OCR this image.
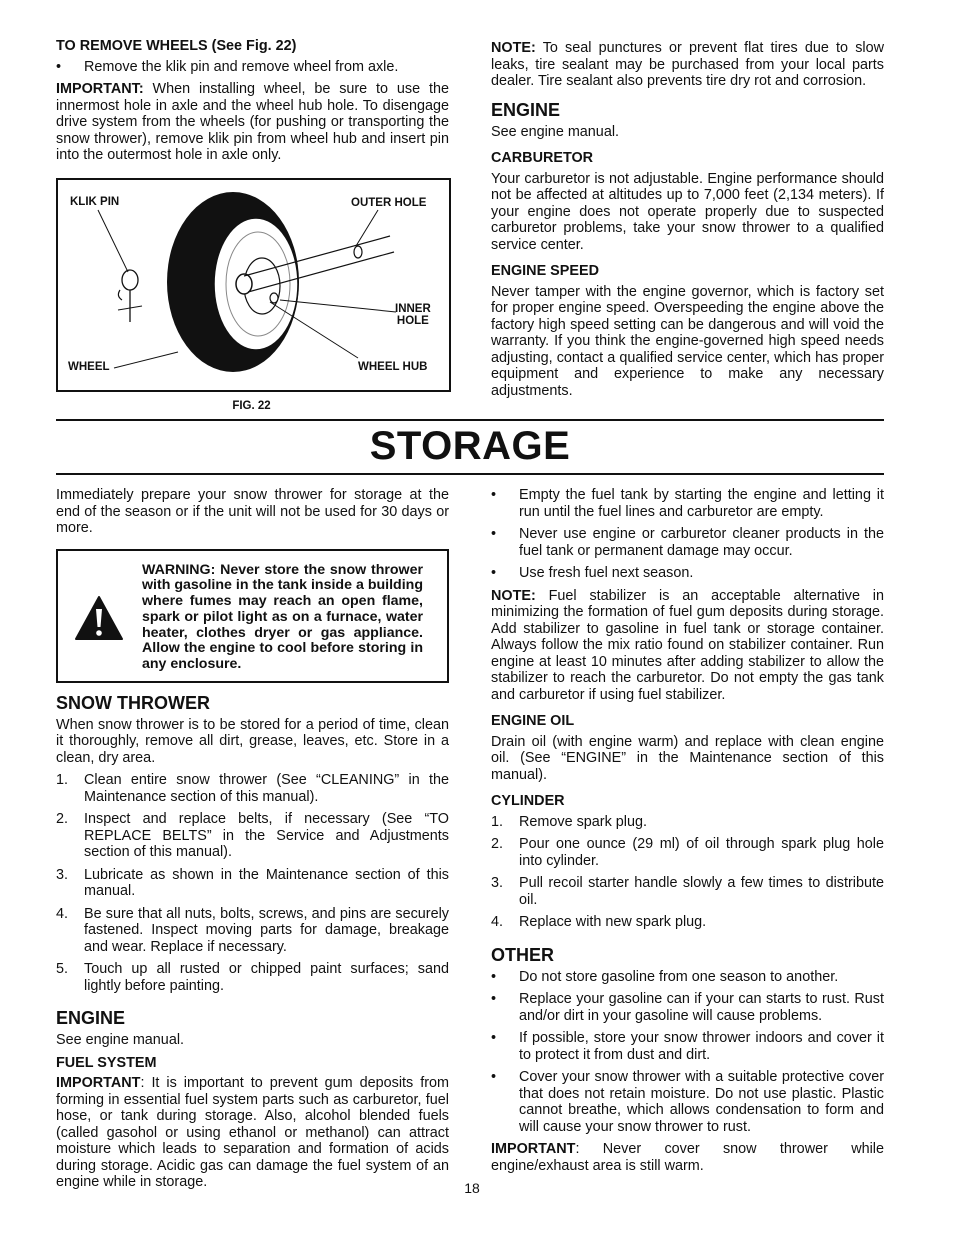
TO REMOVE WHEELS (See Fig. 22)
•	Remove the klik pin and remove wheel from axle.

IMPORTANT: When installing wheel, be sure to use the innermost hole in axle and the wheel hub hole. To disengage drive system from the wheels (for pushing or transporting the snow thrower), remove klik pin from wheel hub and insert pin into the outermost hole in axle only.

KLIK PIN	OUTER HOLE
INNER
HOLE
WHEEL	WHEEL HUB
FIG. 22

NOTE: To seal punctures or prevent flat tires due to slow leaks, tire sealant may be purchased from your local parts dealer. Tire sealant also prevents tire dry rot and corrosion.

ENGINE

See engine manual.

CARBURETOR

Your carburetor is not adjustable. Engine performance should not be affected at altitudes up to 7,000 feet (2,134 meters). If your engine does not operate properly due to suspected carburetor problems, take your snow thrower to a qualified service center.

ENGINE SPEED

Never tamper with the engine governor, which is factory set for proper engine speed. Overspeeding the engine above the factory high speed setting can be dangerous and will void the warranty. If you think the engine-governed high speed needs adjusting, contact a qualified service center, which has proper equipment and experience to make any necessary adjustments.

STORAGE

Immediately prepare your snow thrower for storage at the end of the season or if the unit will not be used for 30 days or more.

WARNING: Never store the snow thrower with gasoline in the tank inside a building where fumes may reach an open flame, spark or pilot light as on a furnace, water heater, clothes dryer or gas appliance. Allow the engine to cool before storing in any enclosure.
SNOW THROWER

When snow thrower is to be stored for a period of time, clean it thoroughly, remove all dirt, grease, leaves, etc. Store in a clean, dry area.

1.	Clean entire snow thrower (See “CLEANING” in the Maintenance section of this manual).
2.	Inspect and replace belts, if necessary (See “TO REPLACE BELTS” in the Service and Adjustments section of this manual).
3.	Lubricate as shown in the Maintenance section of this manual.
4.	Be sure that all nuts, bolts, screws, and pins are securely fastened. Inspect moving parts for damage, breakage and wear. Replace if necessary.
5.	Touch up all rusted or chipped paint surfaces; sand lightly before painting.
ENGINE

See engine manual.

FUEL SYSTEM

IMPORTANT: It is important to prevent gum deposits from forming in essential fuel system parts such as carburetor, fuel hose, or tank during storage. Also, alcohol blended fuels (called gasohol or using ethanol or methanol) can attract moisture which leads to separation and formation of acids during storage. Acidic gas can damage the fuel system of an engine while in storage.

•	Empty the fuel tank by starting the engine and letting it run until the fuel lines and carburetor are empty.
•	Never use engine or carburetor cleaner products in the fuel tank or permanent damage may occur.
•	Use fresh fuel next season.

NOTE: Fuel stabilizer is an acceptable alternative in minimizing the formation of fuel gum deposits during storage. Add stabilizer to gasoline in fuel tank or storage container. Always follow the mix ratio found on stabilizer container. Run engine at least 10 minutes after adding stabilizer to allow the stabilizer to reach the carburetor. Do not empty the gas tank and carburetor if using fuel stabilizer.

ENGINE OIL

Drain oil (with engine warm) and replace with clean engine oil. (See “ENGINE” in the Maintenance section of this manual).

CYLINDER
1.	Remove spark plug.
2.	Pour one ounce (29 ml) of oil through spark plug hole into cylinder.
3.	Pull recoil starter handle slowly a few times to distribute oil.
4.	Replace with new spark plug.
OTHER
•	Do not store gasoline from one season to another.
•	Replace your gasoline can if your can starts to rust. Rust and/or dirt in your gasoline will cause problems.
•	If possible, store your snow thrower indoors and cover it to protect it from dust and dirt.
•	Cover your snow thrower with a suitable protective cover that does not retain moisture. Do not use plastic. Plastic cannot breathe, which allows condensation to form and will cause your snow thrower to rust.

IMPORTANT: Never cover snow thrower while engine/exhaust area is still warm.

18
